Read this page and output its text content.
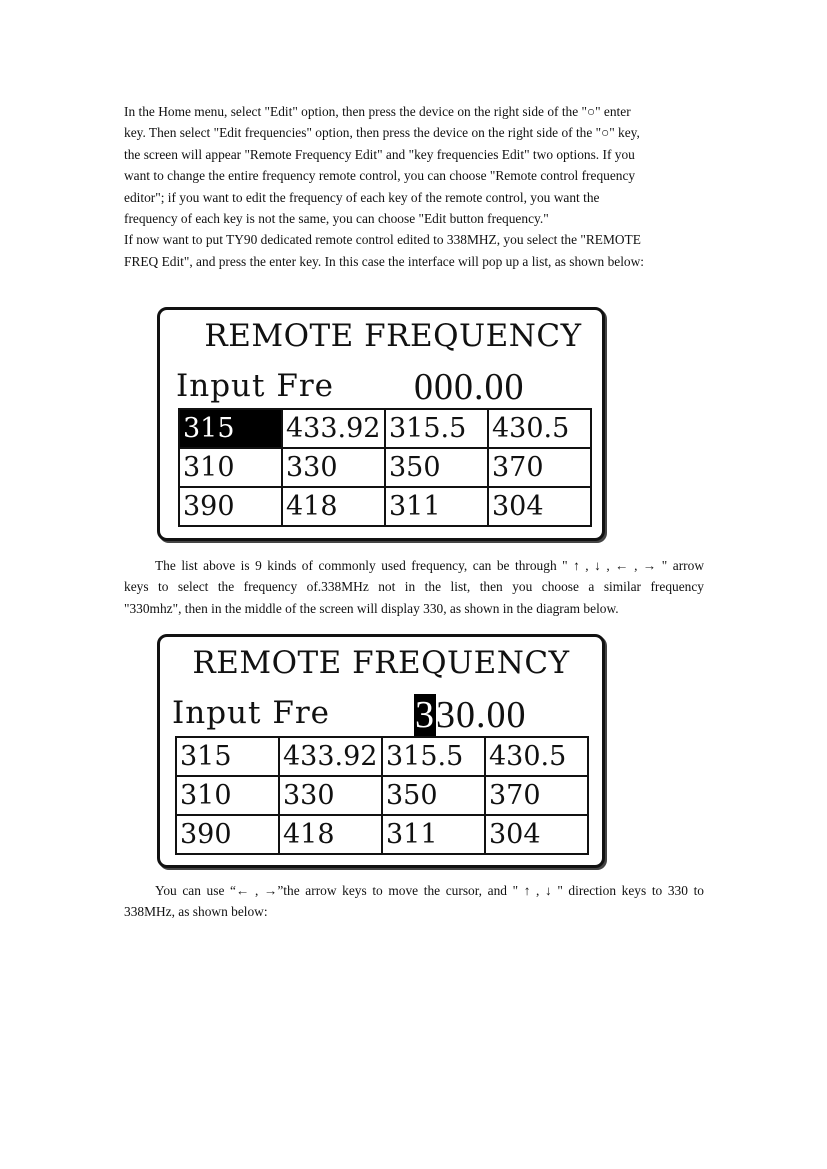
In the Home menu, select "Edit" option, then press the device on the right side of the "○" enter
key. Then select "Edit frequencies" option, then press the device on the right side of the "○" key,
the screen will appear "Remote Frequency Edit" and "key frequencies Edit" two options. If you
want to change the entire frequency remote control, you can choose "Remote control frequency
editor"; if you want to edit the frequency of each key of the remote control, you want the
frequency of each key is not the same, you can choose "Edit button frequency."
If now want to put TY90 dedicated remote control edited to 338MHZ, you select the "REMOTE
FREQ Edit", and press the enter key. In this case the interface will pop up a list, as shown below:

REMOTE FREQUENCY
Input Fre 000.00
315	433.92	315.5	430.5
310	330	350	370
390	418	311	304

The list above is 9 kinds of commonly used frequency, can be through " ↑ , ↓ , ← , → " arrow
keys to select the frequency of.338MHz not in the list, then you choose a similar frequency
"330mhz", then in the middle of the screen will display 330, as shown in the diagram below.

REMOTE FREQUENCY
Input Fre 330.00
315	433.92	315.5	430.5
310	330	350	370
390	418	311	304

You can use “← , →”the arrow keys to move the cursor, and " ↑ , ↓ " direction keys to 330 to
338MHz, as shown below:
